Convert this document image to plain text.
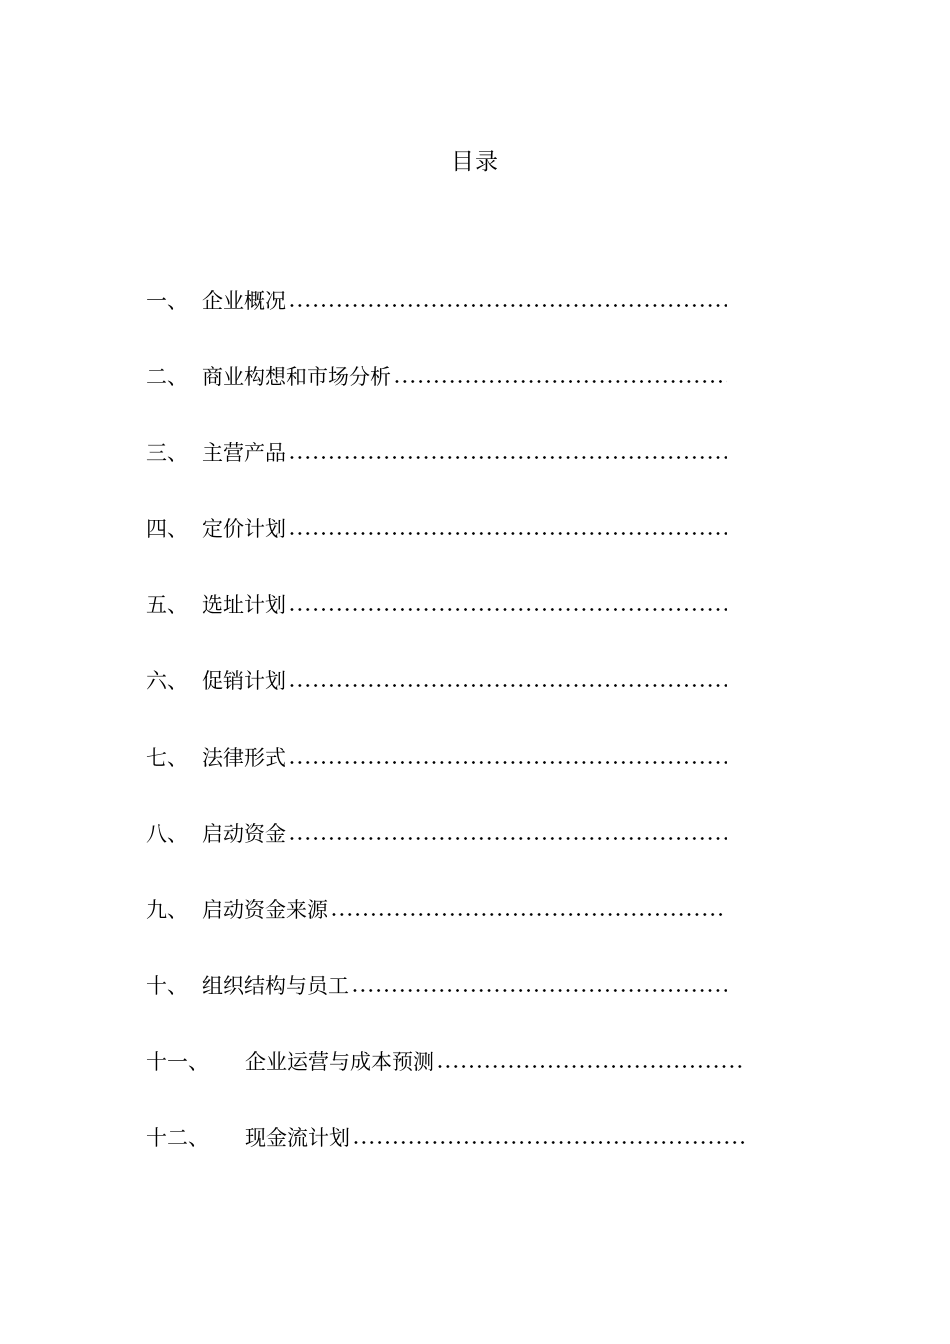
目录
一、 企业概况
二、 商业构想和市场分析
三、 主营产品
四、 定价计划
五、 选址计划
六、 促销计划
七、 法律形式
八、 启动资金
九、 启动资金来源
十、 组织结构与员工
十一、	企业运营与成本预测
十二、	现金流计划
